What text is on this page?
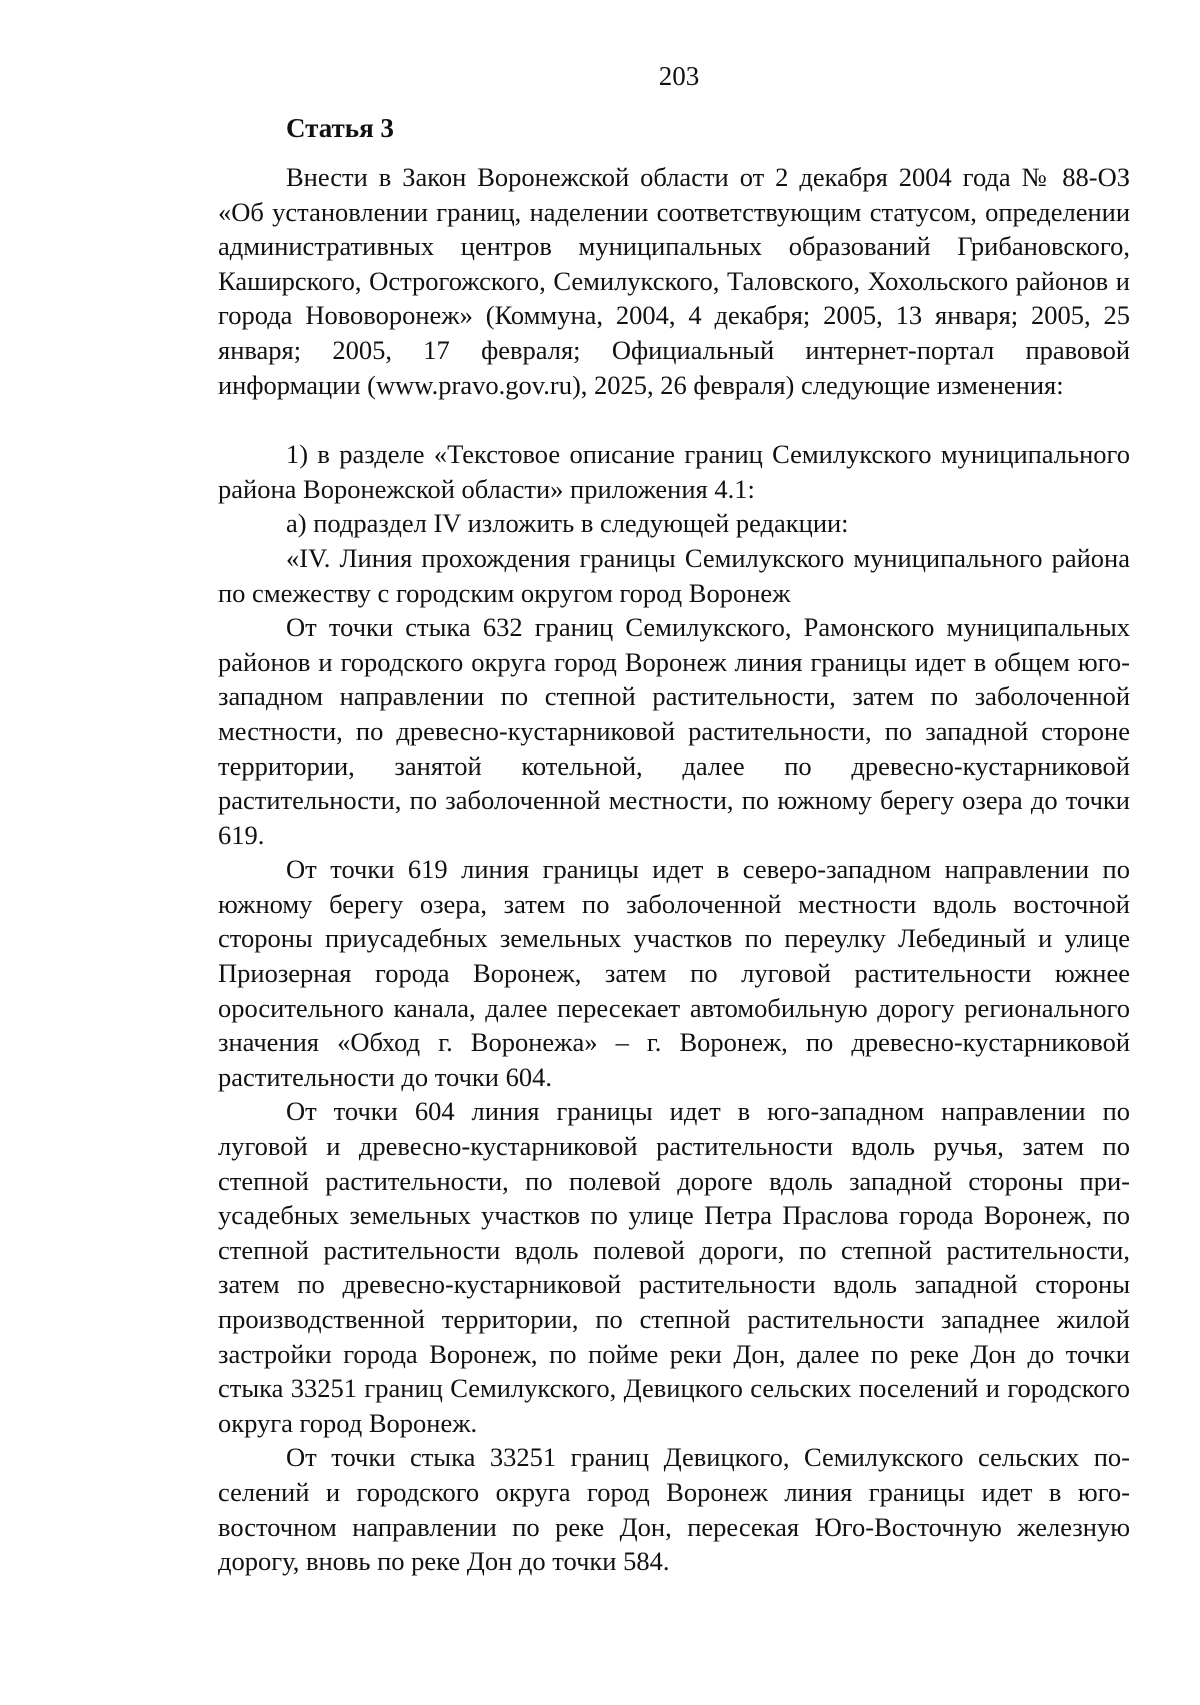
203
Статья 3

Внести в Закон Воронежской области от 2 декабря 2004 года № 88-ОЗ «Об установлении границ, наделении соответствующим статусом, определении административных центров муниципальных образований Грибановского, Каширского, Острогожского, Семилукского, Таловского, Хохольского районов и города Нововоронеж» (Коммуна, 2004, 4 декабря; 2005, 13 января; 2005, 25 января; 2005, 17 февраля; Официальный интернет-портал правовой информации (www.pravo.gov.ru), 2025, 26 февраля) следующие изменения:

1) в разделе «Текстовое описание границ Семилукского муниципального района Воронежской области» приложения 4.1:

а) подраздел IV изложить в следующей редакции:

«IV. Линия прохождения границы Семилукского муниципального района по смежеству с городским округом город Воронеж

От точки стыка 632 границ Семилукского, Рамонского муниципальных районов и городского округа город Воронеж линия границы идет в общем юго-западном направлении по степной растительности, затем по заболоченной местности, по древесно-кустарниковой растительности, по западной стороне территории, занятой котельной, далее по древесно-кустарниковой растительности, по заболоченной местности, по южному берегу озера до точки 619.

От точки 619 линия границы идет в северо-западном направлении по южному берегу озера, затем по заболоченной местности вдоль восточной стороны приусадебных земельных участков по переулку Лебединый и улице Приозерная города Воронеж, затем по луговой растительности южнее оросительного канала, далее пересекает автомобильную дорогу регионального значения «Обход г. Воронежа» – г. Воронеж, по древесно-кустарниковой растительности до точки 604.

От точки 604 линия границы идет в юго-западном направлении по луговой и древесно-кустарниковой растительности вдоль ручья, затем по степной растительности, по полевой дороге вдоль западной стороны приусадебных земельных участков по улице Петра Праслова города Воронеж, по степной растительности вдоль полевой дороги, по степной растительности, затем по древесно-кустарниковой растительности вдоль западной стороны производственной территории, по степной растительности западнее жилой застройки города Воронеж, по пойме реки Дон, далее по реке Дон до точки стыка 33251 границ Семилукского, Девицкого сельских поселений и городского округа город Воронеж.

От точки стыка 33251 границ Девицкого, Семилукского сельских поселений и городского округа город Воронеж линия границы идет в юго-восточном направлении по реке Дон, пересекая Юго-Восточную железную дорогу, вновь по реке Дон до точки 584.
